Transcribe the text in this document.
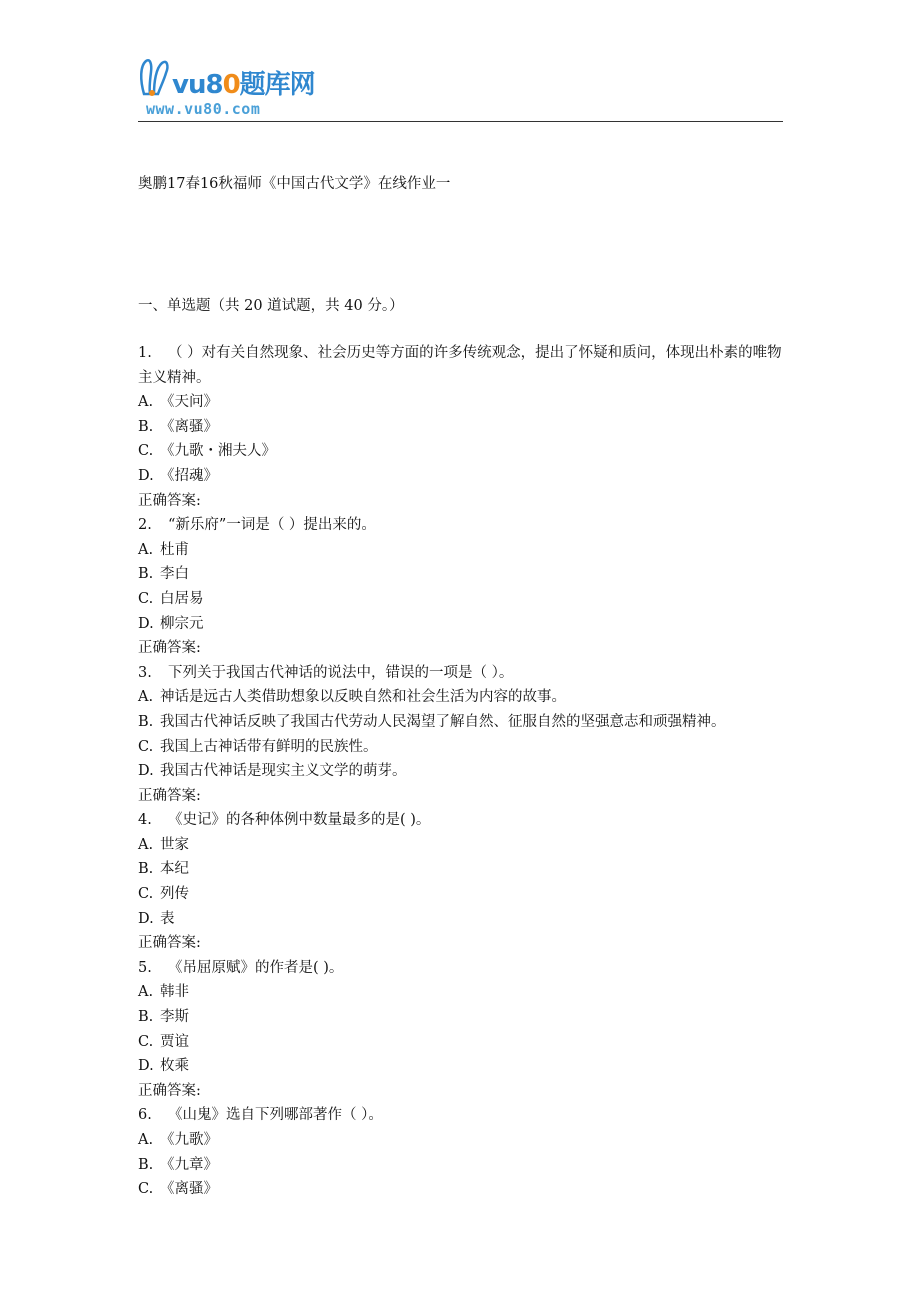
vu80题库网
www.vu80.com
奥鹏17春16秋福师《中国古代文学》在线作业一
一、单选题（共 20 道试题，共 40 分。）
1. （ ）对有关自然现象、社会历史等方面的许多传统观念，提出了怀疑和质问，体现出朴素的唯物主义精神。
A. 《天问》
B. 《离骚》
C. 《九歌・湘夫人》
D. 《招魂》
正确答案:
2. “新乐府”一词是（ ）提出来的。
A. 杜甫
B. 李白
C. 白居易
D. 柳宗元
正确答案:
3. 下列关于我国古代神话的说法中，错误的一项是（ ）。
A. 神话是远古人类借助想象以反映自然和社会生活为内容的故事。
B. 我国古代神话反映了我国古代劳动人民渴望了解自然、征服自然的坚强意志和顽强精神。
C. 我国上古神话带有鲜明的民族性。
D. 我国古代神话是现实主义文学的萌芽。
正确答案:
4. 《史记》的各种体例中数量最多的是( )。
A. 世家
B. 本纪
C. 列传
D. 表
正确答案:
5. 《吊屈原赋》的作者是( )。
A. 韩非
B. 李斯
C. 贾谊
D. 枚乘
正确答案:
6. 《山鬼》选自下列哪部著作（ ）。
A. 《九歌》
B. 《九章》
C. 《离骚》
